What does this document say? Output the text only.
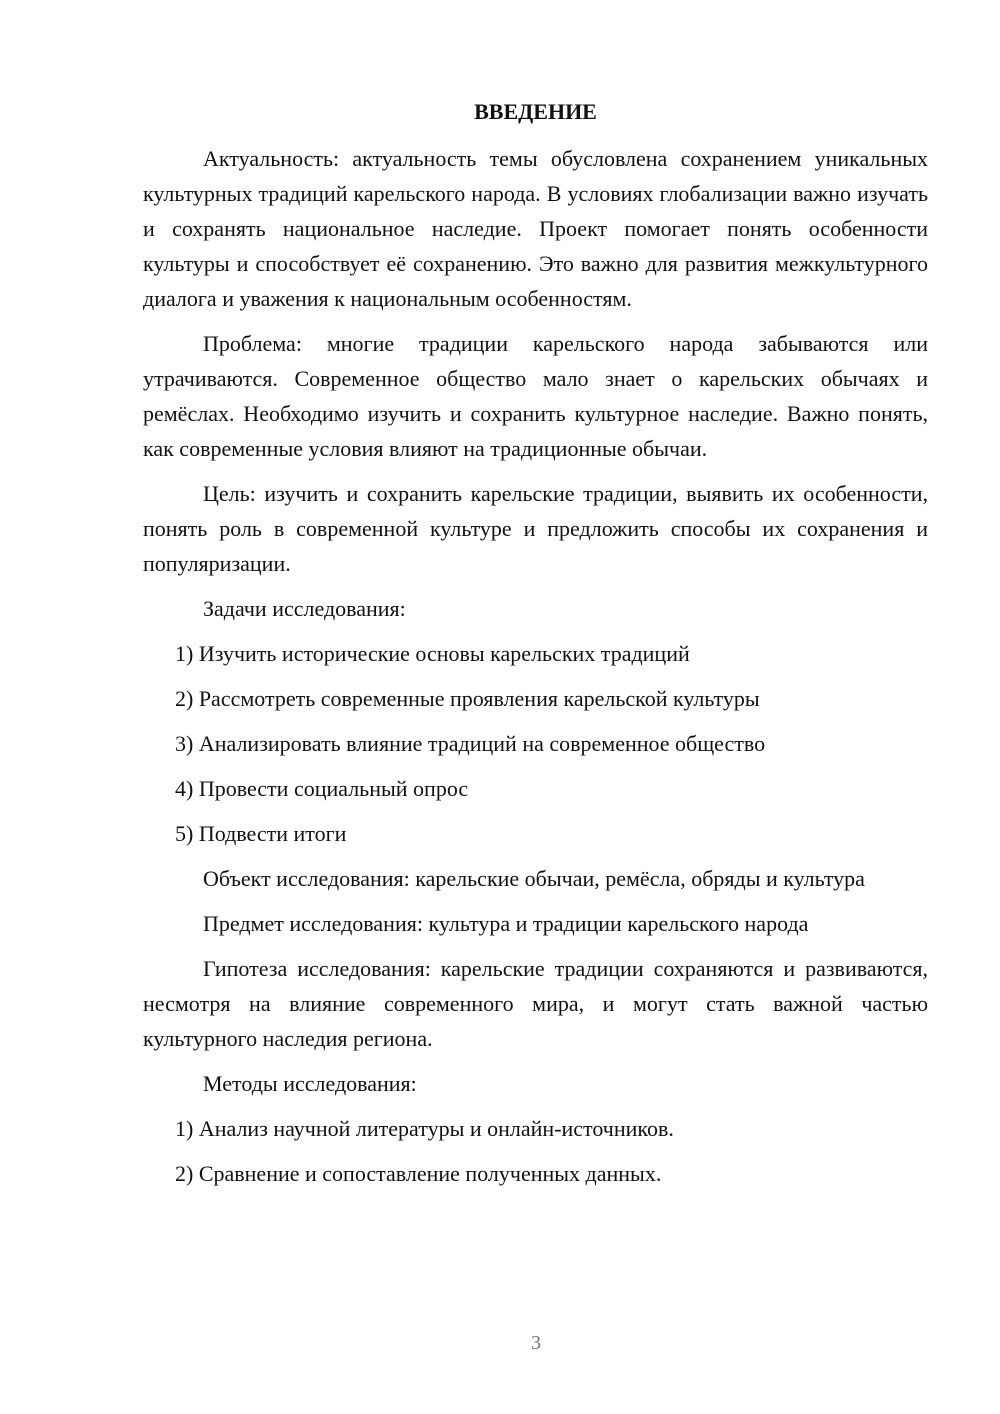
ВВЕДЕНИЕ
Актуальность: актуальность темы обусловлена сохранением уникальных культурных традиций карельского народа. В условиях глобализации важно изучать и сохранять национальное наследие. Проект помогает понять особенности культуры и способствует её сохранению. Это важно для развития межкультурного диалога и уважения к национальным особенностям.
Проблема: многие традиции карельского народа забываются или утрачиваются. Современное общество мало знает о карельских обычаях и ремёслах. Необходимо изучить и сохранить культурное наследие. Важно понять, как современные условия влияют на традиционные обычаи.
Цель: изучить и сохранить карельские традиции, выявить их особенности, понять роль в современной культуре и предложить способы их сохранения и популяризации.
Задачи исследования:
1) Изучить исторические основы карельских традиций
2) Рассмотреть современные проявления карельской культуры
3) Анализировать влияние традиций на современное общество
4) Провести социальный опрос
5) Подвести итоги
Объект исследования: карельские обычаи, ремёсла, обряды и культура
Предмет исследования: культура и традиции карельского народа
Гипотеза исследования: карельские традиции сохраняются и развиваются, несмотря на влияние современного мира, и могут стать важной частью культурного наследия региона.
Методы исследования:
1) Анализ научной литературы и онлайн-источников.
2) Сравнение и сопоставление полученных данных.
3
